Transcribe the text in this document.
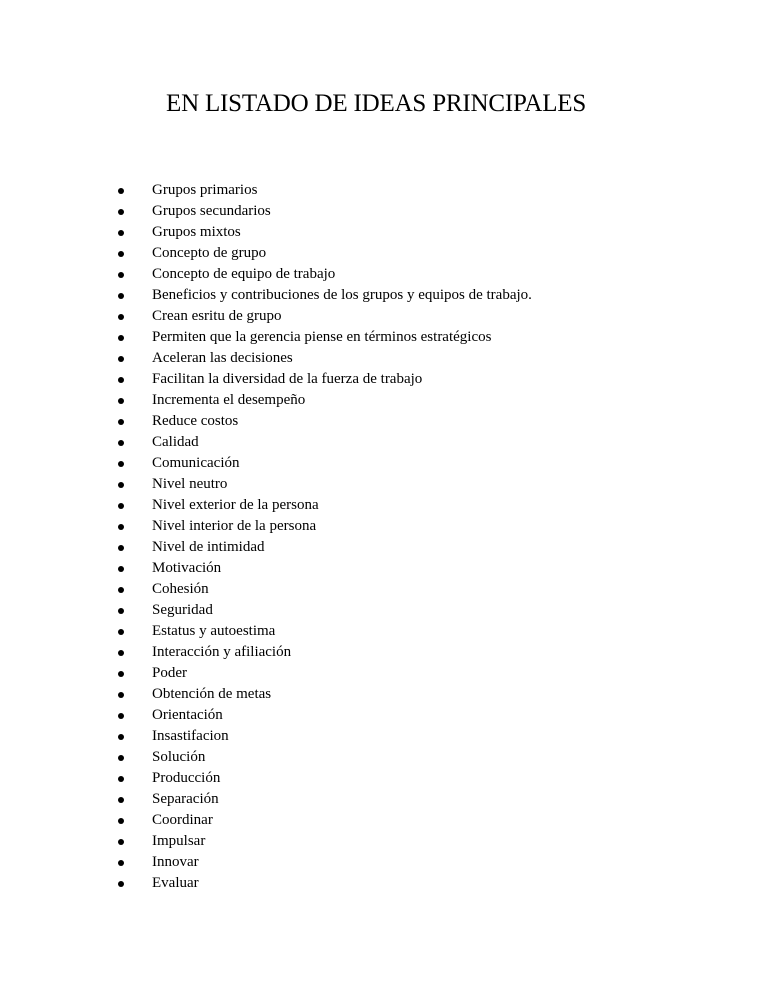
EN LISTADO DE IDEAS PRINCIPALES
Grupos primarios
Grupos secundarios
Grupos mixtos
Concepto de grupo
Concepto de equipo de trabajo
Beneficios y contribuciones de los grupos y equipos de trabajo.
Crean esritu de grupo
Permiten que la gerencia piense en términos estratégicos
Aceleran las decisiones
Facilitan la diversidad de la fuerza de trabajo
Incrementa el desempeño
Reduce costos
Calidad
Comunicación
Nivel neutro
Nivel exterior de la persona
Nivel interior de la persona
Nivel de intimidad
Motivación
Cohesión
Seguridad
Estatus y autoestima
Interacción y afiliación
Poder
Obtención de metas
Orientación
Insastifacion
Solución
Producción
Separación
Coordinar
Impulsar
Innovar
Evaluar
